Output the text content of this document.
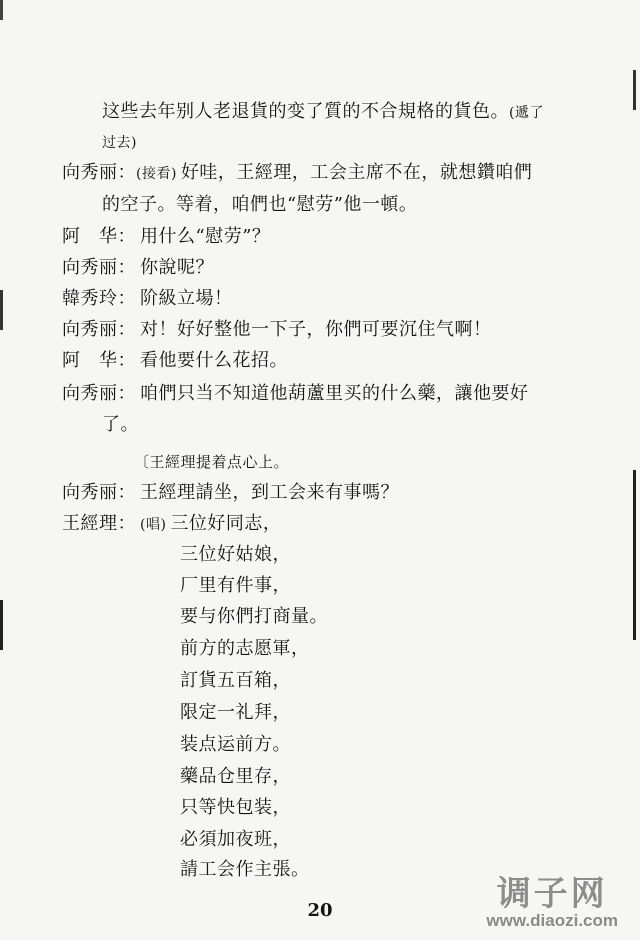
这些去年别人老退貨的变了質的不合規格的貨色。(遞了
过去)
向秀丽：(接看) 好哇，王經理，工会主席不在，就想鑽咱們
的空子。等着，咱們也“慰劳”他一頓。
阿　华： 用什么“慰劳”？
向秀丽： 你說呢？
韓秀玲： 阶級立場！
向秀丽： 对！好好整他一下子，你們可要沉住气啊！
阿　华： 看他要什么花招。
向秀丽： 咱們只当不知道他葫蘆里买的什么藥，讓他要好
了。
〔王經理提着点心上。
向秀丽： 王經理請坐，到工会来有事嗎？
王經理： (唱) 三位好同志，
三位好姑娘，
厂里有件事，
要与你們打商量。
前方的志愿軍，
訂貨五百箱，
限定一礼拜，
装点运前方。
藥品仓里存，
只等快包装，
必須加夜班，
請工会作主張。
20	调子网
www.diaozi.com
